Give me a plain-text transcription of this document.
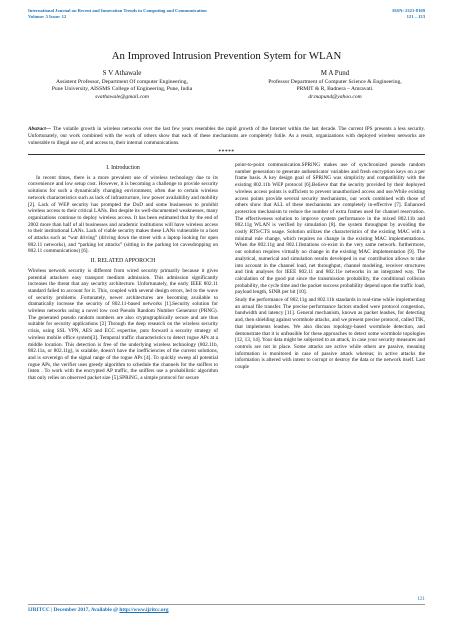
International Journal on Recent and Innovation Trends in Computing and Communication
Volume: 5 Issue: 12
ISSN: 2321-8169
121 – 123
An Improved Intrusion Prevention Sytem for WLAN
S V Athawale
Assistent Professor, Department Of computer Engineering,
Pune University, AISSMS College of Engineering, Pune, India
svathawale@gmail.com
M A Pund
Professor Department of Computer Science & Engineering,
PRMIT & R, Badnera – Amravati.
dr.mapund@yahoo.com
Abstract— The volatile growth in wireless networks over the last few years resembles the rapid growth of the Internet within the last decade. The current IPS presents a less security. Unfortunately, our work combined with the work of others show that each of these mechanisms are completely futile. As a result, organizations with deployed wireless networks are vulnerable to illegal use of, and access to, their internal communications.
*****
I. Introduction

In recent times, there is a more prevalent use of wireless technology due to its convenience and low setup cost. However, it is becoming a challenge to provide security solutions for such a dynamically changing environment, often due to certain wireless network characteristics such as lack of infrastructure, low power availability and mobility [2]. Lack of WEP security has prompted the DoD and some businesses to prohibit wireless access to their critical LANs. But despite its well-documented weaknesses, many organizations continue to deploy wireless access. It has been estimated that by the end of 2002 more than half of all businesses and academic institutions will have wireless access to their institutional LANs. Lack of viable security makes these LANs vulnerable to a host of attacks such as “war driving” (driving down the street with a laptop looking for open 802.11 networks), and “parking lot attacks” (sitting in the parking lot cavesdropping on 802.11 communications) [6].

II. RELATED APPOROCH

Wireless network security is different from wired security primarily because it gives potential attackers easy transport medium admission. This admission significantly increases the threat that any security architecture. Unfortunately, the early IEEE 802.11 standard failed to account for it. This, coupled with several design errors, led to the wave of security problems .Fortunately, newer architectures are becoming available to dramatically increase the security of 802.11-based networks [1].Security solution for wireless networks using a novel low cost Pseudo Random Number Generator (PRNG). The generated pseudo random numbers are also cryptographically secure and are thus suitable for security applications [2] Through the deep research on the wireless security crisis, using SSL VPN, AES and ECC expertise, puts forward a security strategy of wireless mobile office system[3]. Temporal traffic characteristics to detect rogue APs at a middle location. This detection is free of the underlying wireless technology (802.11b, 802.11a, or 802.11g), is scalable, doesn't have the inefficiencies of the current solutions, and is sovereign of the signal range of the rogue APs [4]. To quickly sweep all potential rogue APs, the verifier uses greedy algorithm to schedule the channels for the sniffers to listen . To work with the encrypted AP traffic, the sniffers use a probabilistic algorithm that only relies on observed packet size [5].SPRiNG, a simple protocol for secure

point-to-point communication.SPRiNG makes use of synchronized pseudo random number generation to generate authenticator variables and fresh encryption keys on a per frame basis. A key design goal of SPRiNG was simplicity and compatibility with the existing 802.11b WEP protocol [6].Believe that the security provided by their deployed wireless access points is sufficient to prevent unauthorized access and use.While existing access points provide several security mechanisms, our work combined with those of others show that ALL of these mechanisms are completely in-effective [7]. Enhanced protection mechanism to reduce the number of extra frames used for channel reservation. The effectiveness solution to improve system performance in the mixed 802.11b and 802.11g WLAN is verified by simulation [8]. the system throughput by avoiding the costly RTS/CTS usage. Solution utilizes the characteristics of the existing MAC with a minimal rule change, which requires no change in the existing MAC implementations. When the 802.11g and 802.11bstations co-exist in the very same network. furthermore, our solution requires virtually no change in the existing MAC implementation [9]. The analytical, numerical and simulation results developed in our contribution allows to take into account in the channel load, net throughput, channel modeling, receiver structures and link analyses for IEEE 802.11 and 802.11e networks in an integrated way. The calculation of the good put since the transmission probability, the conditional collision probability, the cycle time and the packet success probability depend upon the traffic load, payload length, SINR per bit [10].

Study the performance of 802.11g and 802.11b standards in real-time while implementing an actual file transfer. The precise performance factors studied were protocol congestion, bandwidth and latency [11]. General mechanism, known as packet leashes, for detecting and, then shielding against wormhole attacks, and we present precise protocol, called TIK, that implements leashes. We also discuss topology-based wormhole detection, and demonstrate that it is unfeasible for these approaches to detect some wormhole topologies [12, 13, 14]. Your data might be subjected to an attack, in case your security measures and controls are not in place. Some attacks are active while others are passive, meaning information is monitored in case of passive attack whereas; in active attacks the information is altered with intent to corrupt or destroy the data or the network itself. Last couple

121
IJRITCC | December 2017, Available @ http://www.ijritcc.org
